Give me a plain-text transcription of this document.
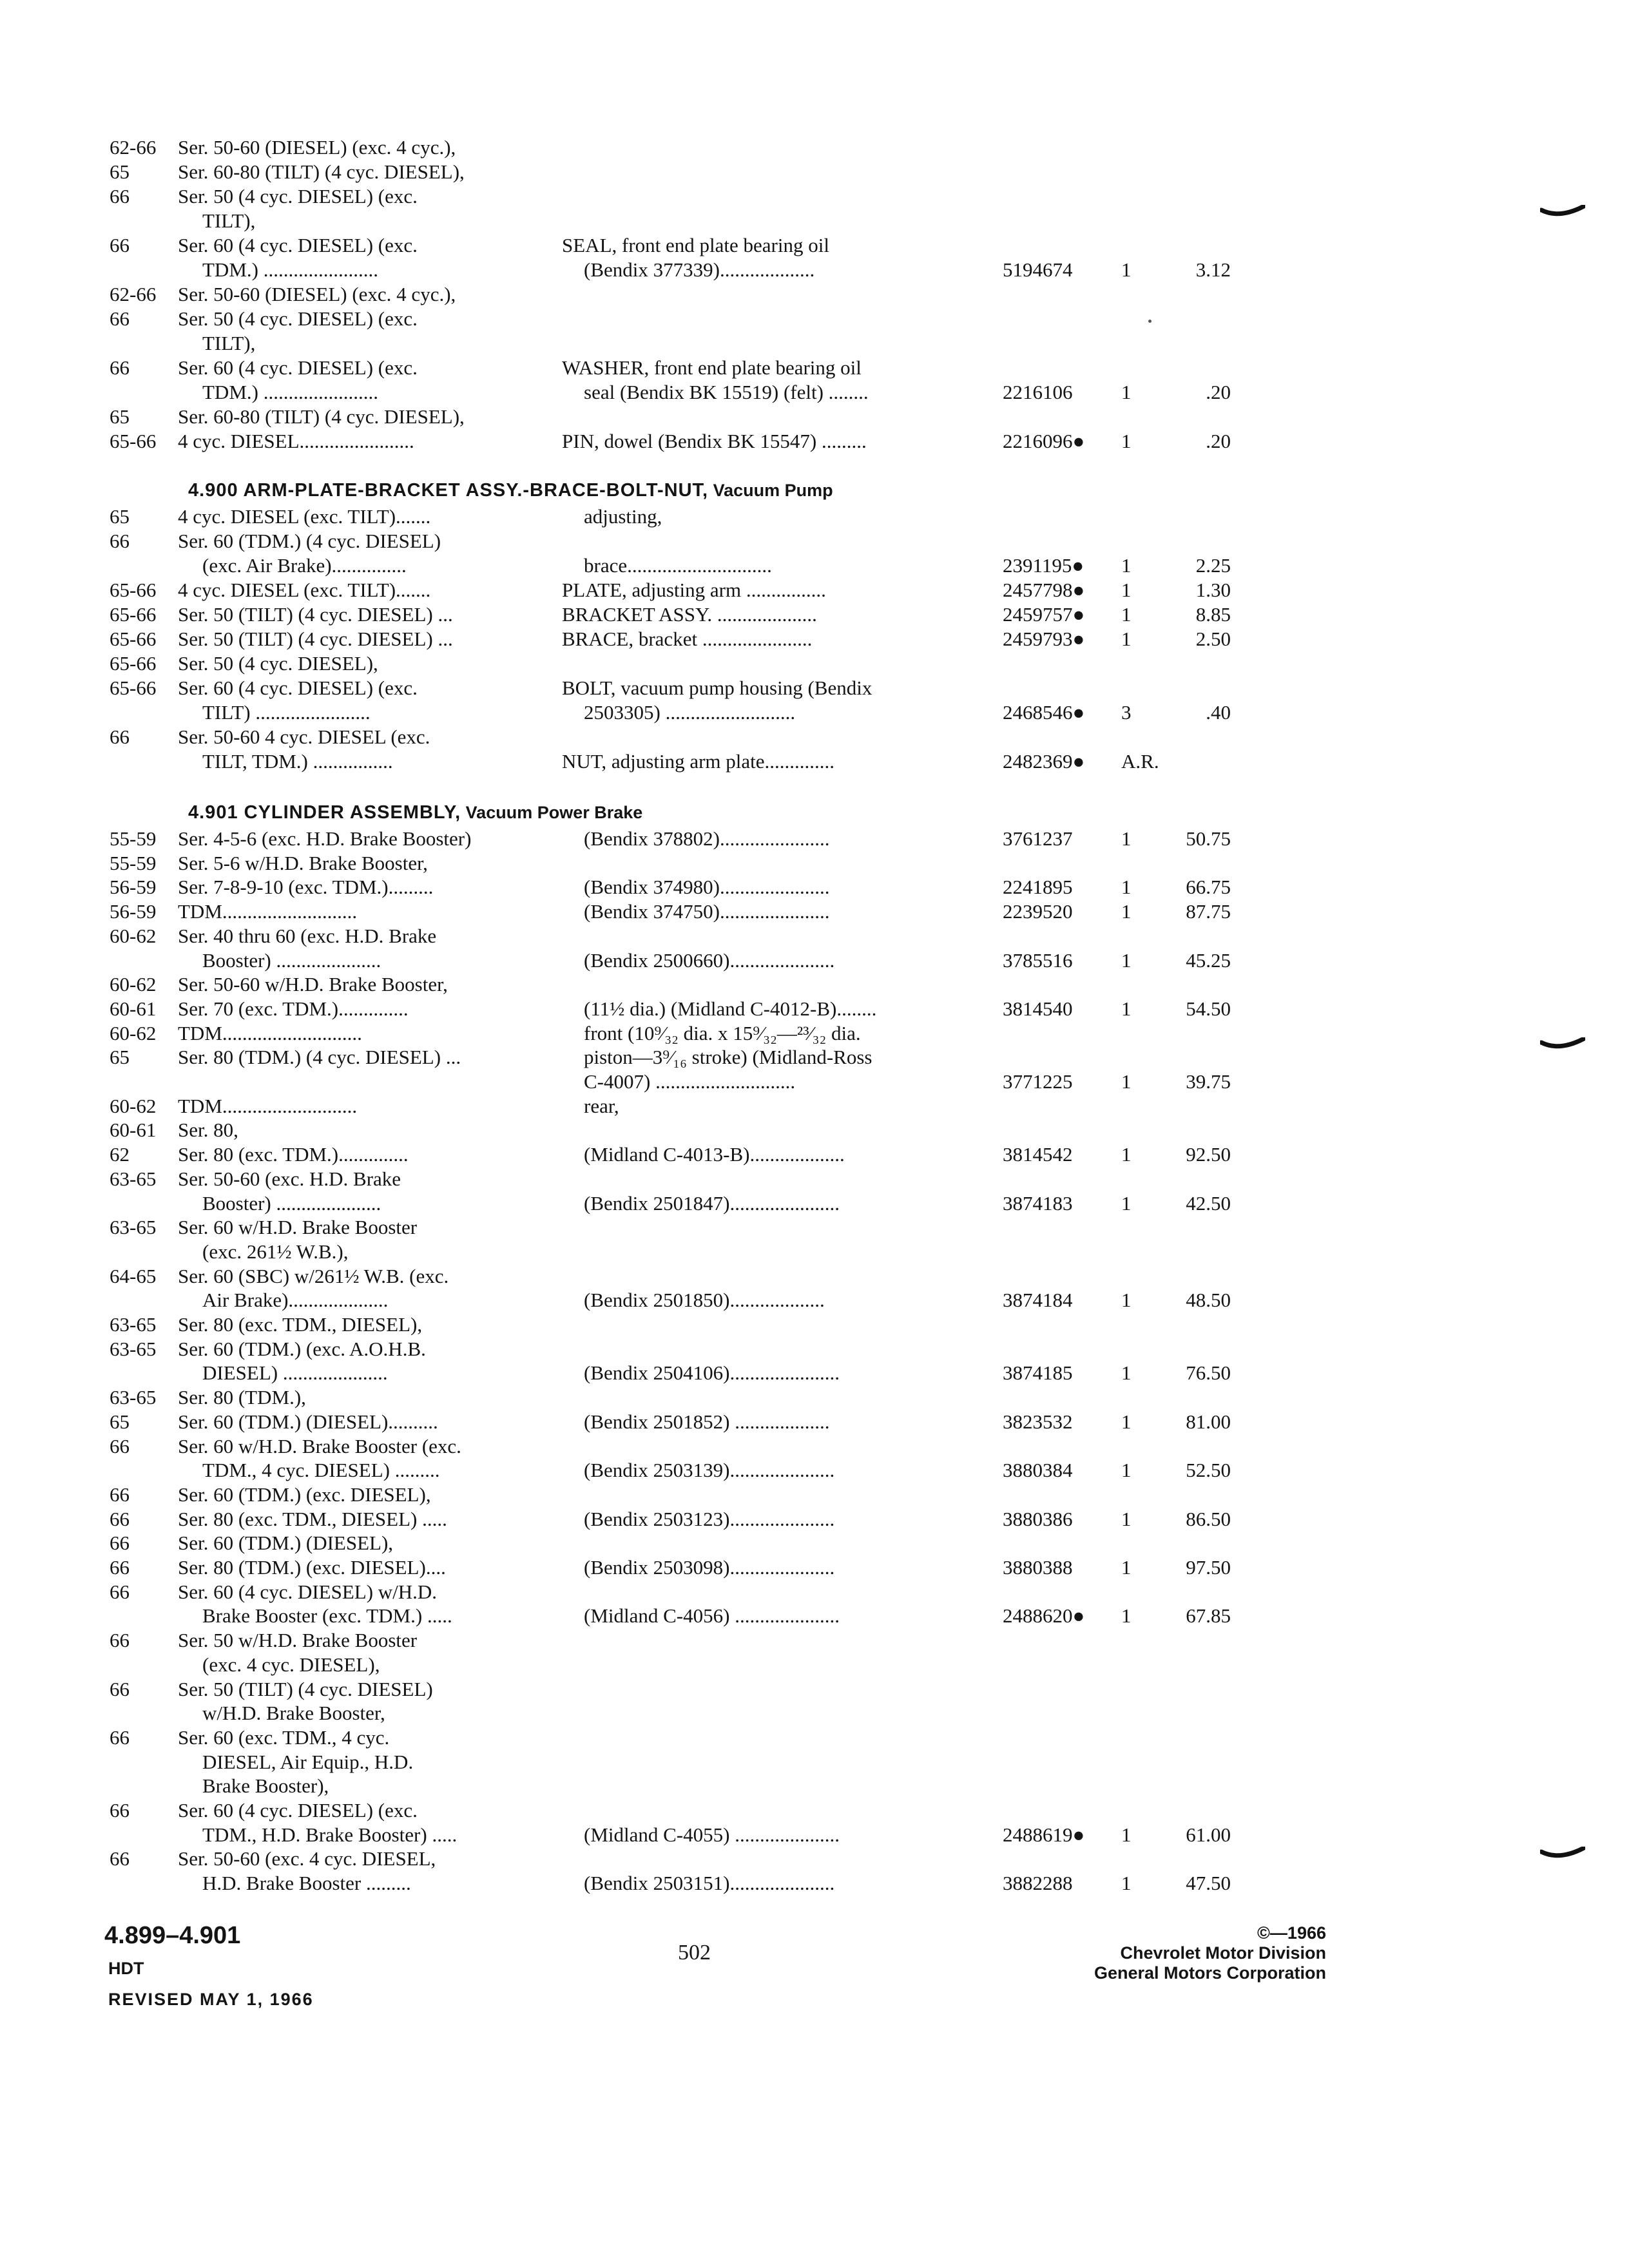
62-66 Ser. 50-60 (DIESEL) (exc. 4 cyc.),
65 Ser. 60-80 (TILT) (4 cyc. DIESEL),
66 Ser. 50 (4 cyc. DIESEL) (exc.
TILT),
66 Ser. 60 (4 cyc. DIESEL) (exc.	SEAL, front end plate bearing oil
TDM.) .......................	(Bendix 377339)...................	5194674 1	3.12
62-66 Ser. 50-60 (DIESEL) (exc. 4 cyc.),
66 Ser. 50 (4 cyc. DIESEL) (exc.
TILT),
66 Ser. 60 (4 cyc. DIESEL) (exc.	WASHER, front end plate bearing oil
TDM.) .......................	seal (Bendix BK 15519) (felt) ........	2216106 1	.20
65 Ser. 60-80 (TILT) (4 cyc. DIESEL),
65-66 4 cyc. DIESEL.......................	PIN, dowel (Bendix BK 15547) .........	2216096● 1	.20
4.900 ARM-PLATE-BRACKET ASSY.-BRACE-BOLT-NUT, Vacuum Pump
65 4 cyc. DIESEL (exc. TILT).......	adjusting,
66 Ser. 60 (TDM.) (4 cyc. DIESEL)
(exc. Air Brake)...............	brace.............................	2391195● 1	2.25
65-66 4 cyc. DIESEL (exc. TILT).......	PLATE, adjusting arm ................	2457798● 1	1.30
65-66 Ser. 50 (TILT) (4 cyc. DIESEL) ...	BRACKET ASSY. ....................	2459757● 1	8.85
65-66 Ser. 50 (TILT) (4 cyc. DIESEL) ...	BRACE, bracket ......................	2459793● 1	2.50
65-66 Ser. 50 (4 cyc. DIESEL),
65-66 Ser. 60 (4 cyc. DIESEL) (exc.	BOLT, vacuum pump housing (Bendix
TILT) .......................	2503305) ..........................	2468546● 3	.40
66 Ser. 50-60 4 cyc. DIESEL (exc.
TILT, TDM.) ................	NUT, adjusting arm plate..............	2482369● A.R.
4.901 CYLINDER ASSEMBLY, Vacuum Power Brake
55-59 Ser. 4-5-6 (exc. H.D. Brake Booster)	(Bendix 378802)......................	3761237 1	50.75
55-59 Ser. 5-6 w/H.D. Brake Booster,
56-59 Ser. 7-8-9-10 (exc. TDM.).........	(Bendix 374980)......................	2241895 1	66.75
56-59 TDM...........................	(Bendix 374750)......................	2239520 1	87.75
60-62 Ser. 40 thru 60 (exc. H.D. Brake
Booster) .....................	(Bendix 2500660).....................	3785516 1	45.25
60-62 Ser. 50-60 w/H.D. Brake Booster,
60-61 Ser. 70 (exc. TDM.)..............	(11½ dia.) (Midland C-4012-B)........	3814540 1	54.50
60-62 TDM............................	front (10⁹⁄₃₂ dia. x 15⁹⁄₃₂—²³⁄₃₂ dia.
65 Ser. 80 (TDM.) (4 cyc. DIESEL) ...	piston—3⁹⁄₁₆ stroke) (Midland-Ross
C-4007) ............................	3771225 1	39.75
60-62 TDM...........................	rear,
60-61 Ser. 80,
62 Ser. 80 (exc. TDM.)..............	(Midland C-4013-B)...................	3814542 1	92.50
63-65 Ser. 50-60 (exc. H.D. Brake
Booster) .....................	(Bendix 2501847)......................	3874183 1	42.50
63-65 Ser. 60 w/H.D. Brake Booster
(exc. 261½ W.B.),
64-65 Ser. 60 (SBC) w/261½ W.B. (exc.
Air Brake)....................	(Bendix 2501850)...................	3874184 1	48.50
63-65 Ser. 80 (exc. TDM., DIESEL),
63-65 Ser. 60 (TDM.) (exc. A.O.H.B.
DIESEL) .....................	(Bendix 2504106)......................	3874185 1	76.50
63-65 Ser. 80 (TDM.),
65 Ser. 60 (TDM.) (DIESEL)..........	(Bendix 2501852) ...................	3823532 1	81.00
66 Ser. 60 w/H.D. Brake Booster (exc.
TDM., 4 cyc. DIESEL) .........	(Bendix 2503139).....................	3880384 1	52.50
66 Ser. 60 (TDM.) (exc. DIESEL),
66 Ser. 80 (exc. TDM., DIESEL) .....	(Bendix 2503123).....................	3880386 1	86.50
66 Ser. 60 (TDM.) (DIESEL),
66 Ser. 80 (TDM.) (exc. DIESEL)....	(Bendix 2503098).....................	3880388 1	97.50
66 Ser. 60 (4 cyc. DIESEL) w/H.D.
Brake Booster (exc. TDM.) .....	(Midland C-4056) .....................	2488620● 1	67.85
66 Ser. 50 w/H.D. Brake Booster
(exc. 4 cyc. DIESEL),
66 Ser. 50 (TILT) (4 cyc. DIESEL)
w/H.D. Brake Booster,
66 Ser. 60 (exc. TDM., 4 cyc.
DIESEL, Air Equip., H.D.
Brake Booster),
66 Ser. 60 (4 cyc. DIESEL) (exc.
TDM., H.D. Brake Booster) .....	(Midland C-4055) .....................	2488619● 1	61.00
66 Ser. 50-60 (exc. 4 cyc. DIESEL,
H.D. Brake Booster .........	(Bendix 2503151).....................	3882288 1	47.50
4.899–4.901
HDT
REVISED MAY 1, 1966
502
©—1966
Chevrolet Motor Division
General Motors Corporation
